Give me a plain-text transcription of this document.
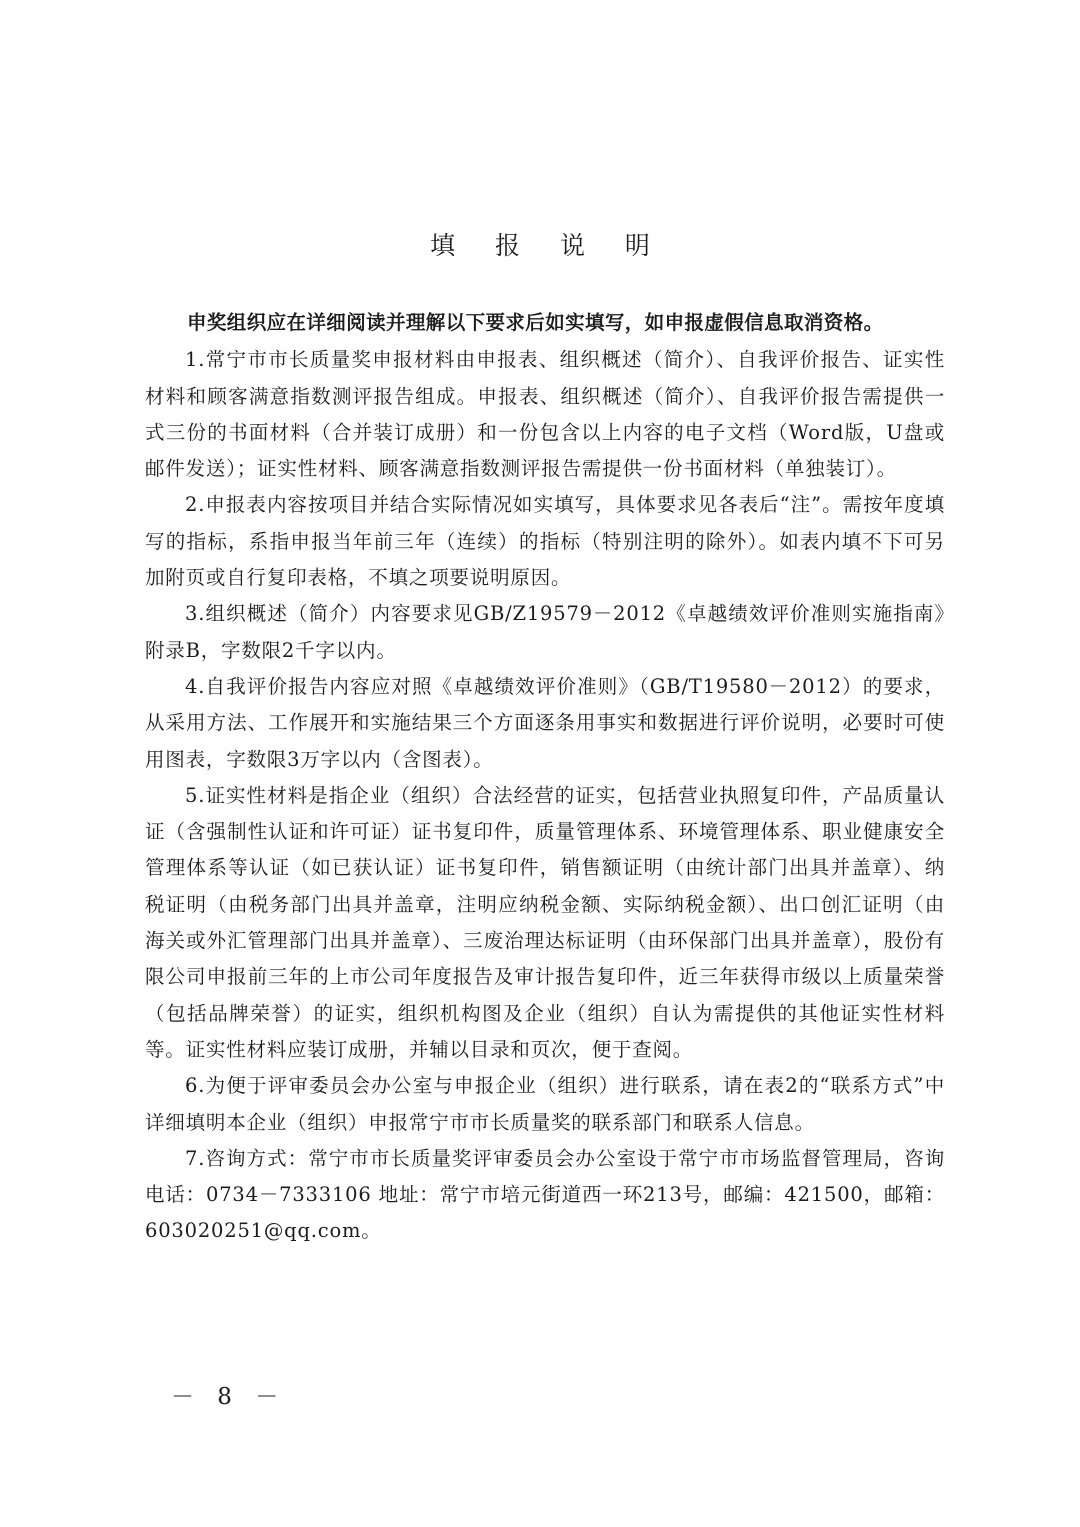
填 报 说 明

申奖组织应在详细阅读并理解以下要求后如实填写，如申报虚假信息取消资格。

1.常宁市市长质量奖申报材料由申报表、组织概述（简介）、自我评价报告、证实性材料和顾客满意指数测评报告组成。申报表、组织概述（简介）、自我评价报告需提供一式三份的书面材料（合并装订成册）和一份包含以上内容的电子文档（Word版，U盘或邮件发送）；证实性材料、顾客满意指数测评报告需提供一份书面材料（单独装订）。

2.申报表内容按项目并结合实际情况如实填写，具体要求见各表后“注”。需按年度填写的指标，系指申报当年前三年（连续）的指标（特别注明的除外）。如表内填不下可另加附页或自行复印表格，不填之项要说明原因。

3.组织概述（简介）内容要求见GB/Z19579－2012《卓越绩效评价准则实施指南》附录B，字数限2千字以内。

4.自我评价报告内容应对照《卓越绩效评价准则》（GB/T19580－2012）的要求，从采用方法、工作展开和实施结果三个方面逐条用事实和数据进行评价说明，必要时可使用图表，字数限3万字以内（含图表）。

5.证实性材料是指企业（组织）合法经营的证实，包括营业执照复印件，产品质量认证（含强制性认证和许可证）证书复印件，质量管理体系、环境管理体系、职业健康安全管理体系等认证（如已获认证）证书复印件，销售额证明（由统计部门出具并盖章）、纳税证明（由税务部门出具并盖章，注明应纳税金额、实际纳税金额）、出口创汇证明（由海关或外汇管理部门出具并盖章）、三废治理达标证明（由环保部门出具并盖章），股份有限公司申报前三年的上市公司年度报告及审计报告复印件，近三年获得市级以上质量荣誉（包括品牌荣誉）的证实，组织机构图及企业（组织）自认为需提供的其他证实性材料等。证实性材料应装订成册，并辅以目录和页次，便于查阅。

6.为便于评审委员会办公室与申报企业（组织）进行联系，请在表2的“联系方式”中详细填明本企业（组织）申报常宁市市长质量奖的联系部门和联系人信息。

7.咨询方式：常宁市市长质量奖评审委员会办公室设于常宁市市场监督管理局，咨询电话：0734－7333106 地址：常宁市培元街道西一环213号，邮编：421500，邮箱：603020251@qq.com。

－ 8 －
